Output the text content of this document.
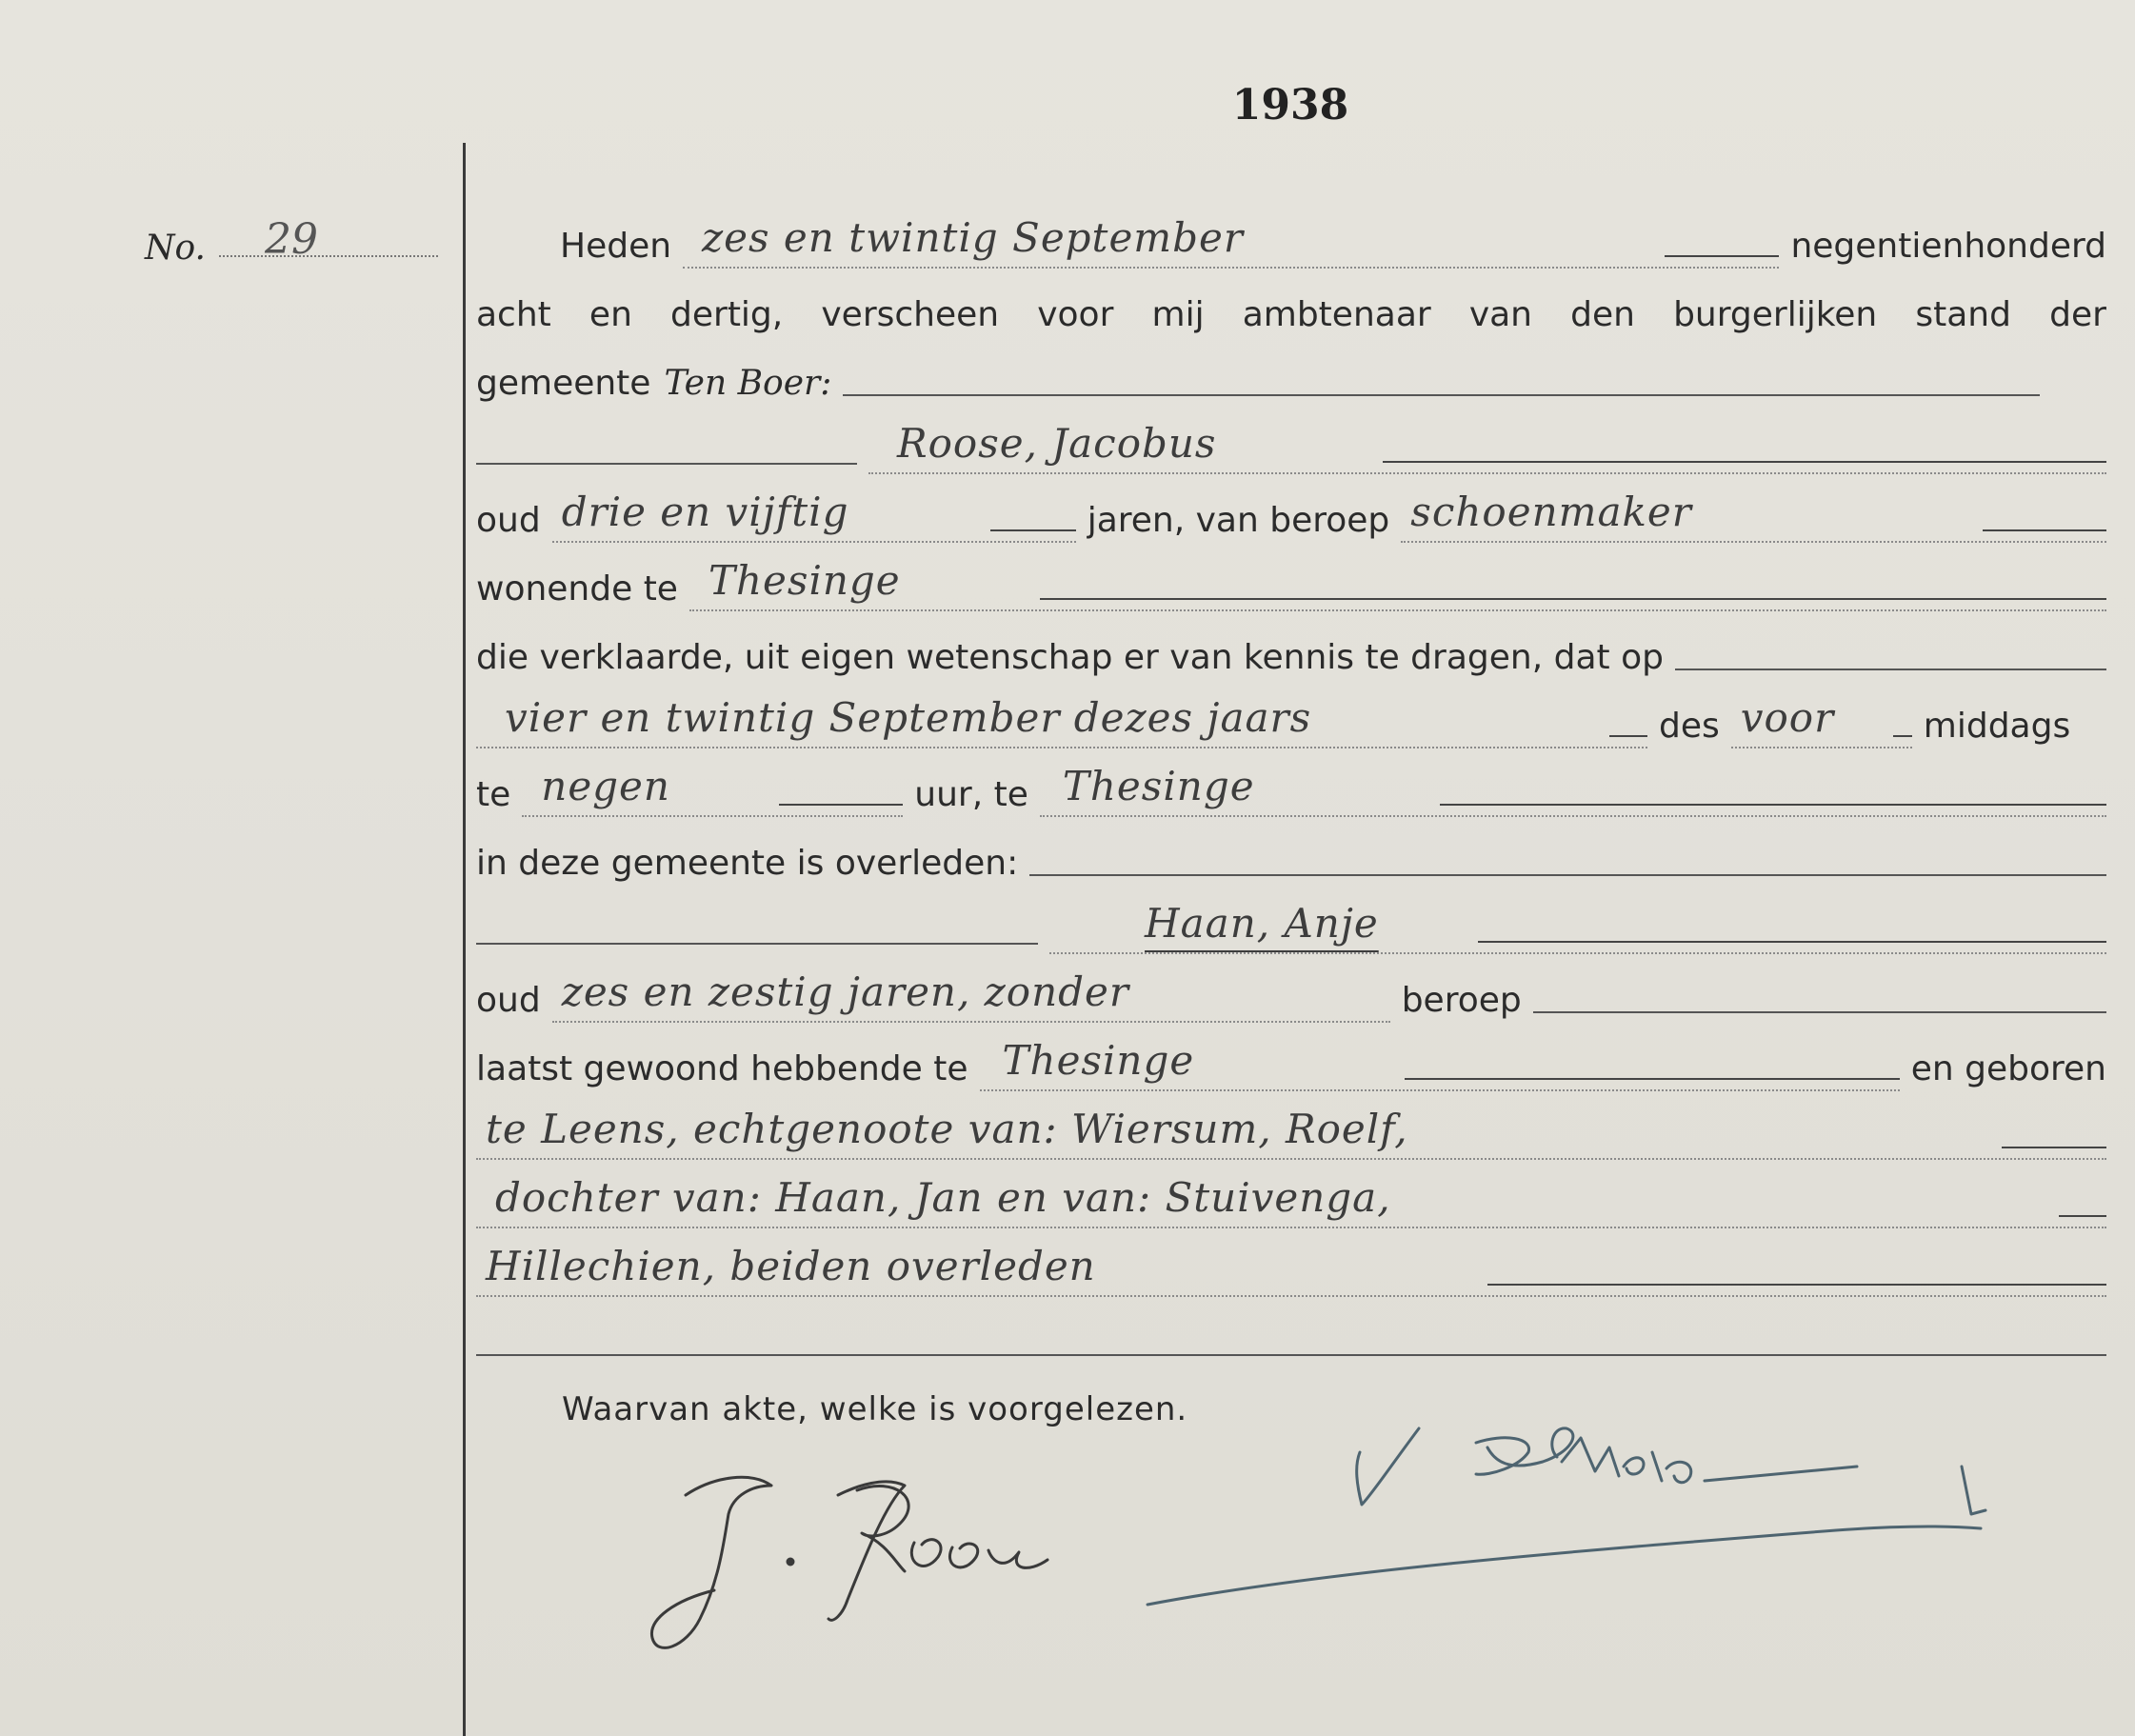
1938
No. 29	Heden zes en twintig September	negentienhonderd
acht en dertig, verscheen voor mij ambtenaar van den burgerlijken stand der
gemeente Ten Boer:
Roose, Jacobus
oud drie en vijftig	jaren, van beroep schoenmaker
wonende te Thesinge
die verklaarde, uit eigen wetenschap er van kennis te dragen, dat op
vier en twintig September dezes jaars	des voor	middags
te negen	uur, te Thesinge
in deze gemeente is overleden:
Haan, Anje
oud zes en zestig jaren, zonder	beroep
laatst gewoond hebbende te Thesinge	en geboren
te Leens, echtgenoote van: Wiersum, Roelf,
dochter van: Haan, Jan en van: Stuivenga,
Hillechien, beiden overleden
Waarvan akte, welke is voorgelezen.
